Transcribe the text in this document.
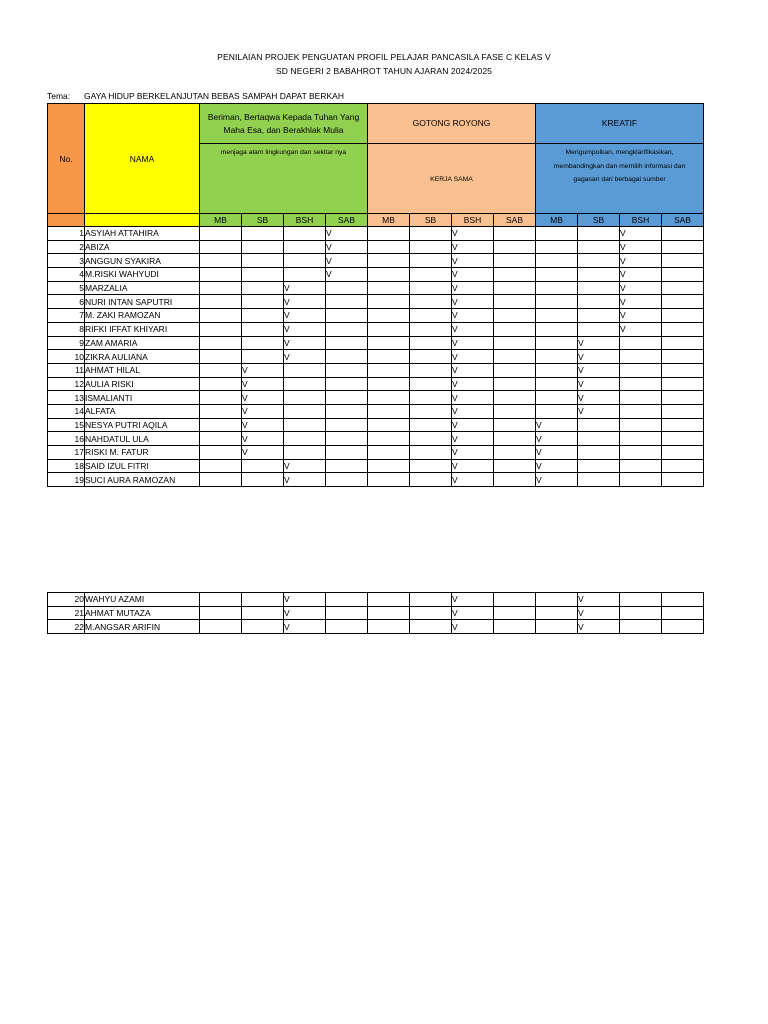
PENILAIAN PROJEK PENGUATAN PROFIL PELAJAR PANCASILA FASE C KELAS V
SD NEGERI 2 BABAHROT TAHUN AJARAN 2024/2025
Tema: GAYA HIDUP BERKELANJUTAN BEBAS SAMPAH DAPAT BERKAH
No.	NAMA	Beriman, Bertaqwa Kepada Tuhan Yang Maha Esa, dan Berakhlak Mulia				GOTONG ROYONG				KREATIF			
		menjaga alam lingkungan dan sekitar nya				KERJA SAMA				Mengumpulkan, mengklarifikasikan, membandingkan dan memilih informasi dan gagasan dari berbagai sumber			
		MB	SB	BSH	SAB	MB	SB	BSH	SAB	MB	SB	BSH	SAB
1	ASYIAH ATTAHIRA				V			V				V	
2	ABIZA				V			V				V	
3	ANGGUN SYAKIRA				V			V				V	
4	M.RISKI WAHYUDI				V			V				V	
5	MARZALIA			V				V				V	
6	NURI INTAN SAPUTRI			V				V				V	
7	M. ZAKI RAMOZAN			V				V				V	
8	RIFKI IFFAT KHIYARI			V				V				V	
9	ZAM AMARIA			V				V			V		
10	ZIKRA AULIANA			V				V			V		
11	AHMAT HILAL		V					V			V		
12	AULIA RISKI		V					V			V		
13	ISMALIANTI		V					V			V		
14	ALFATA		V					V			V		
15	NESYA PUTRI AQILA		V					V		V			
16	NAHDATUL ULA		V					V		V			
17	RISKI M. FATUR		V					V		V			
18	SAID IZUL FITRI			V				V		V			
19	SUCI AURA RAMOZAN			V				V		V			
20	WAHYU AZAMI			V				V			V		
21	AHMAT MUTAZA			V				V			V		
22	M.ANGSAR ARIFIN			V				V			V		
